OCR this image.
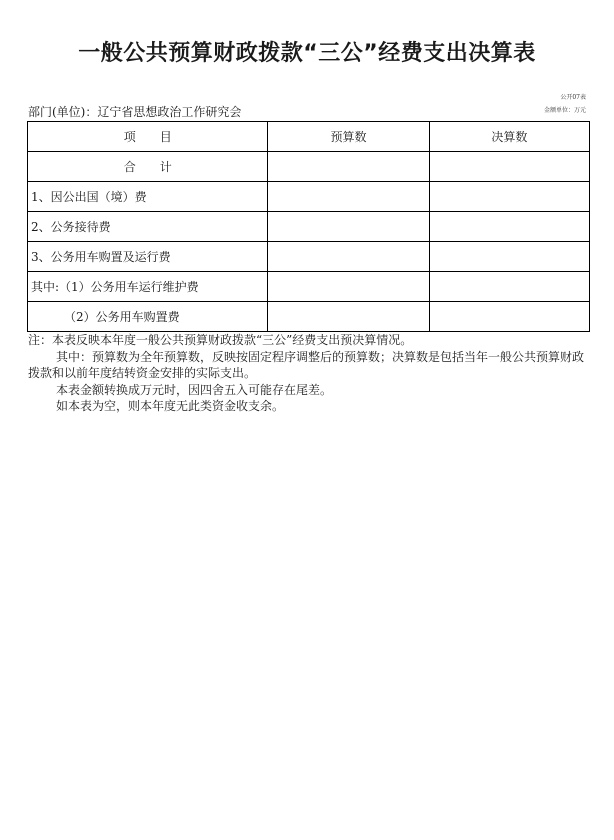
一般公共预算财政拨款“三公”经费支出决算表
公开07表
部门(单位)：辽宁省思想政治工作研究会	金额单位：万元
项　　目	预算数	决算数
合　　计		
1、因公出国（境）费		
2、公务接待费		
3、公务用车购置及运行费		
其中:（1）公务用车运行维护费		
（2）公务用车购置费		

注：本表反映本年度一般公共预算财政拨款“三公”经费支出预决算情况。

其中：预算数为全年预算数，反映按固定程序调整后的预算数；决算数是包括当年一般公共预算财政拨款和以前年度结转资金安排的实际支出。

本表金额转换成万元时，因四舍五入可能存在尾差。

如本表为空，则本年度无此类资金收支余。
